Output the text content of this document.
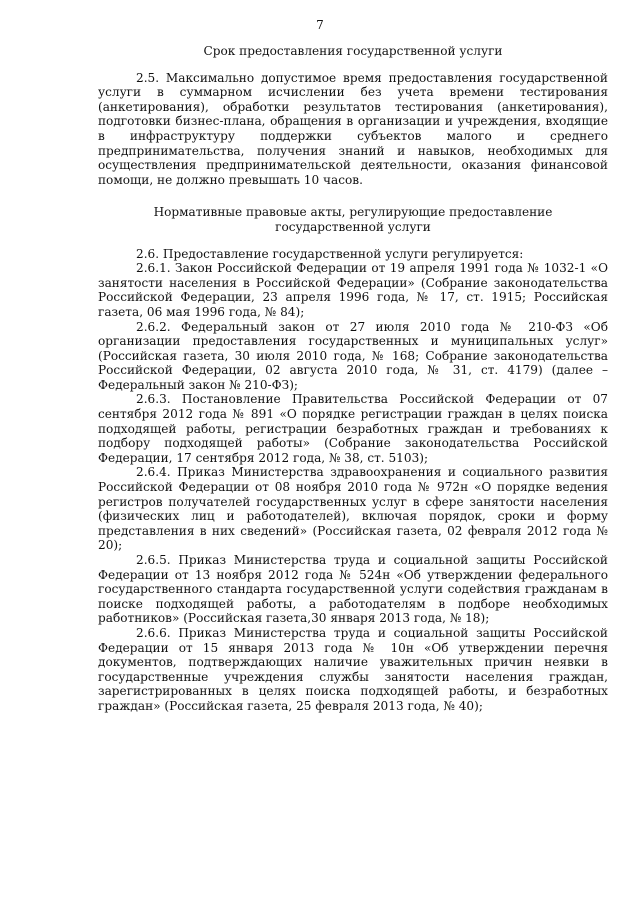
7
Срок предоставления государственной услуги

2.5. Максимально допустимое время предоставления государственной услуги в суммарном исчислении без учета времени тестирования (анкетирования), обработки результатов тестирования (анкетирования), подготовки бизнес-плана, обращения в организации и учреждения, входящие в инфраструктуру поддержки субъектов малого и среднего предпринимательства, получения знаний и навыков, необходимых для осуществления предпринимательской деятельности, оказания финансовой помощи, не должно превышать 10 часов.

Нормативные правовые акты, регулирующие предоставление государственной услуги

2.6. Предоставление государственной услуги регулируется:

2.6.1. Закон Российской Федерации от 19 апреля 1991 года № 1032-1 «О занятости населения в Российской Федерации» (Собрание законодательства Российской Федерации, 23 апреля 1996 года, № 17, ст. 1915; Российская газета, 06 мая 1996 года, № 84);

2.6.2. Федеральный закон от 27 июля 2010 года № 210-ФЗ «Об организации предоставления государственных и муниципальных услуг» (Российская газета, 30 июля 2010 года, № 168; Собрание законодательства Российской Федерации, 02 августа 2010 года, № 31, ст. 4179) (далее – Федеральный закон № 210-ФЗ);

2.6.3. Постановление Правительства Российской Федерации от 07 сентября 2012 года № 891 «О порядке регистрации граждан в целях поиска подходящей работы, регистрации безработных граждан и требованиях к подбору подходящей работы» (Собрание законодательства Российской Федерации, 17 сентября 2012 года, № 38, ст. 5103);

2.6.4. Приказ Министерства здравоохранения и социального развития Российской Федерации от 08 ноября 2010 года № 972н «О порядке ведения регистров получателей государственных услуг в сфере занятости населения (физических лиц и работодателей), включая порядок, сроки и форму представления в них сведений» (Российская газета, 02 февраля 2012 года № 20);

2.6.5. Приказ Министерства труда и социальной защиты Российской Федерации от 13 ноября 2012 года № 524н «Об утверждении федерального государственного стандарта государственной услуги содействия гражданам в поиске подходящей работы, а работодателям в подборе необходимых работников» (Российская газета,30 января 2013 года, № 18);

2.6.6. Приказ Министерства труда и социальной защиты Российской Федерации от 15 января 2013 года № 10н «Об утверждении перечня документов, подтверждающих наличие уважительных причин неявки в государственные учреждения службы занятости населения граждан, зарегистрированных в целях поиска подходящей работы, и безработных граждан» (Российская газета, 25 февраля 2013 года, № 40);
